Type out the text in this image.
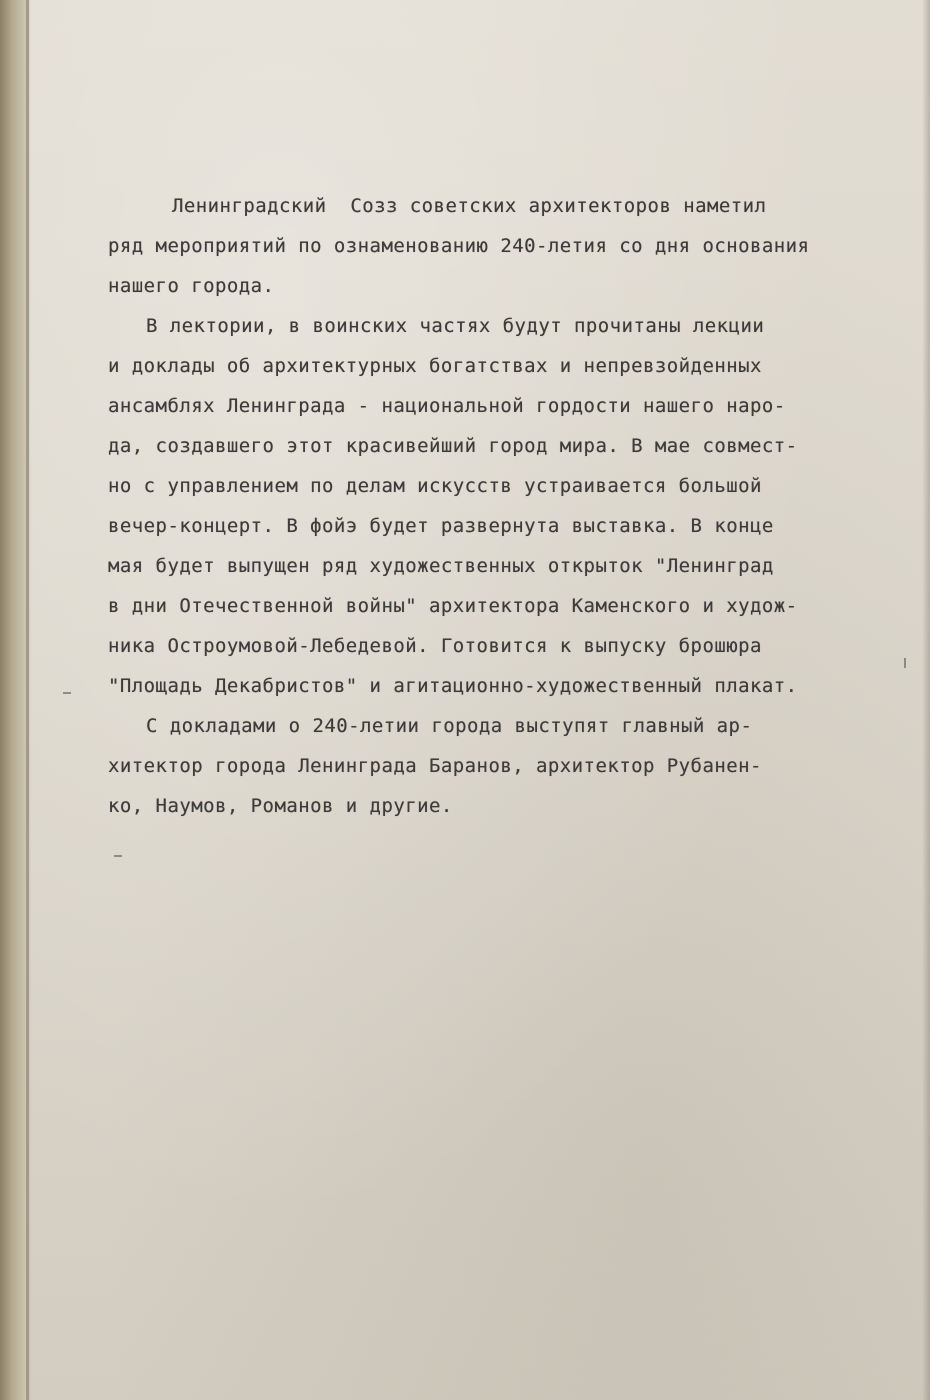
Ленинградский  Созз советских архитекторов наметил
ряд мероприятий по ознаменованию 240-летия со дня основания
нашего города.
В лектории, в воинских частях будут прочитаны лекции
и доклады об архитектурных богатствах и непревзойденных
ансамблях Ленинграда - национальной гордости нашего наро-
да, создавшего этот красивейший город мира. В мае совмест-
но с управлением по делам искусств устраивается большой
вечер-концерт. В фойэ будет развернута выставка. В конце
мая будет выпущен ряд художественных открыток "Ленинград
в дни Отечественной войны" архитектора Каменского и худож-
ника Остроумовой-Лебедевой. Готовится к выпуску брошюра
"Площадь Декабристов" и агитационно-художественный плакат.
С докладами о 240-летии города выступят главный ар-
хитектор города Ленинграда Баранов, архитектор Рубанен-
ко, Наумов, Романов и другие.
